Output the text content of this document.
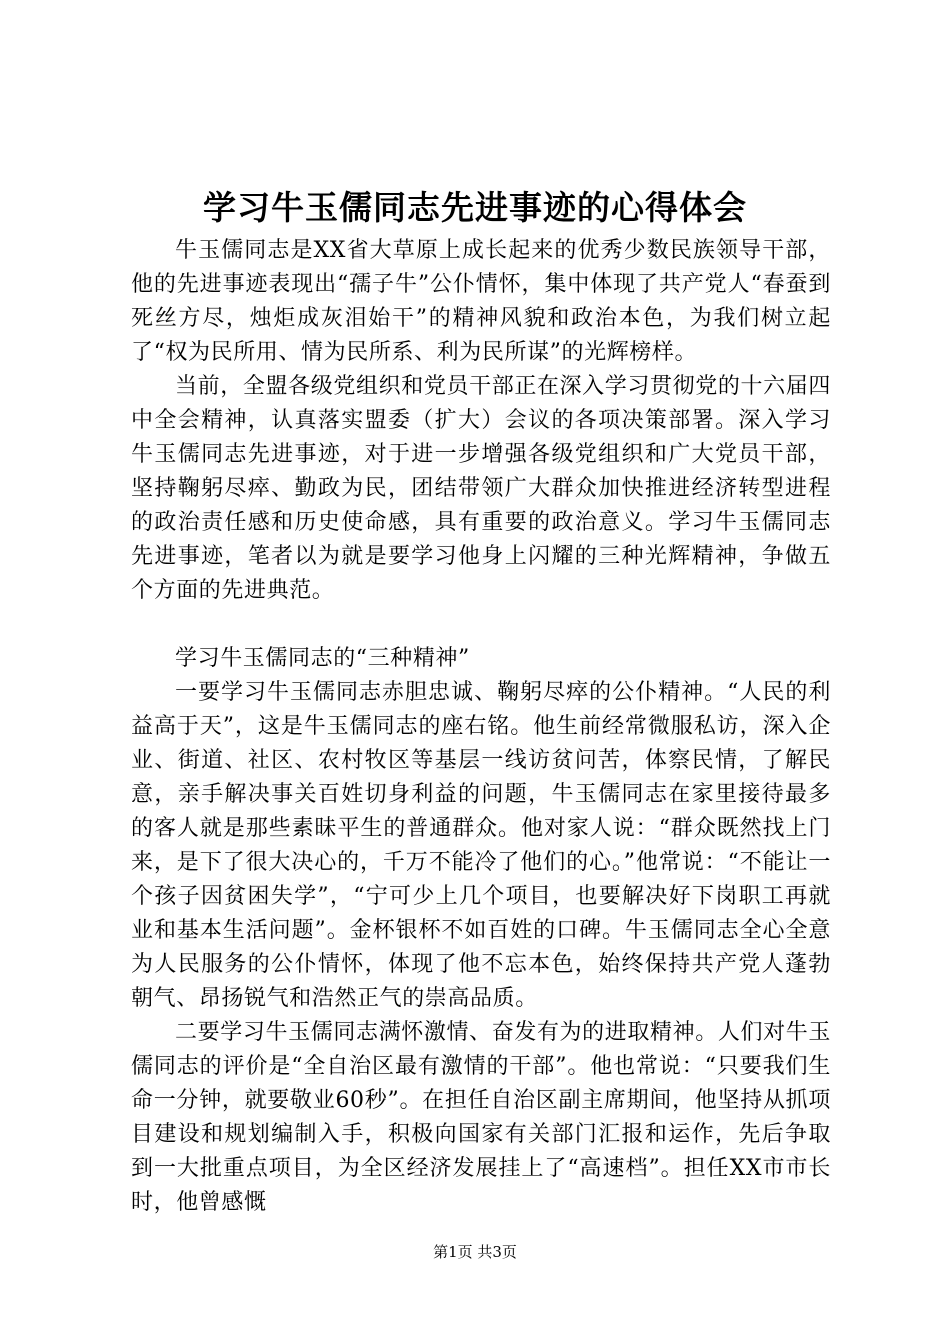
学习牛玉儒同志先进事迹的心得体会

牛玉儒同志是XX省大草原上成长起来的优秀少数民族领导干部，他的先进事迹表现出“孺子牛”公仆情怀，集中体现了共产党人“春蚕到死丝方尽，烛炬成灰泪始干”的精神风貌和政治本色，为我们树立起了“权为民所用、情为民所系、利为民所谋”的光辉榜样。

当前，全盟各级党组织和党员干部正在深入学习贯彻党的十六届四中全会精神，认真落实盟委（扩大）会议的各项决策部署。深入学习牛玉儒同志先进事迹，对于进一步增强各级党组织和广大党员干部，坚持鞠躬尽瘁、勤政为民，团结带领广大群众加快推进经济转型进程的政治责任感和历史使命感，具有重要的政治意义。学习牛玉儒同志先进事迹，笔者以为就是要学习他身上闪耀的三种光辉精神，争做五个方面的先进典范。

学习牛玉儒同志的“三种精神”

一要学习牛玉儒同志赤胆忠诚、鞠躬尽瘁的公仆精神。“人民的利益高于天”，这是牛玉儒同志的座右铭。他生前经常微服私访，深入企业、街道、社区、农村牧区等基层一线访贫问苦，体察民情，了解民意，亲手解决事关百姓切身利益的问题，牛玉儒同志在家里接待最多的客人就是那些素昧平生的普通群众。他对家人说：“群众既然找上门来，是下了很大决心的，千万不能冷了他们的心。”他常说：“不能让一个孩子因贫困失学”，“宁可少上几个项目，也要解决好下岗职工再就业和基本生活问题”。金杯银杯不如百姓的口碑。牛玉儒同志全心全意为人民服务的公仆情怀，体现了他不忘本色，始终保持共产党人蓬勃朝气、昂扬锐气和浩然正气的崇高品质。

二要学习牛玉儒同志满怀激情、奋发有为的进取精神。人们对牛玉儒同志的评价是“全自治区最有激情的干部”。他也常说：“只要我们生命一分钟，就要敬业60秒”。在担任自治区副主席期间，他坚持从抓项目建设和规划编制入手，积极向国家有关部门汇报和运作，先后争取到一大批重点项目，为全区经济发展挂上了“高速档”。担任XX市市长时，他曾感慨

第1页 共3页
